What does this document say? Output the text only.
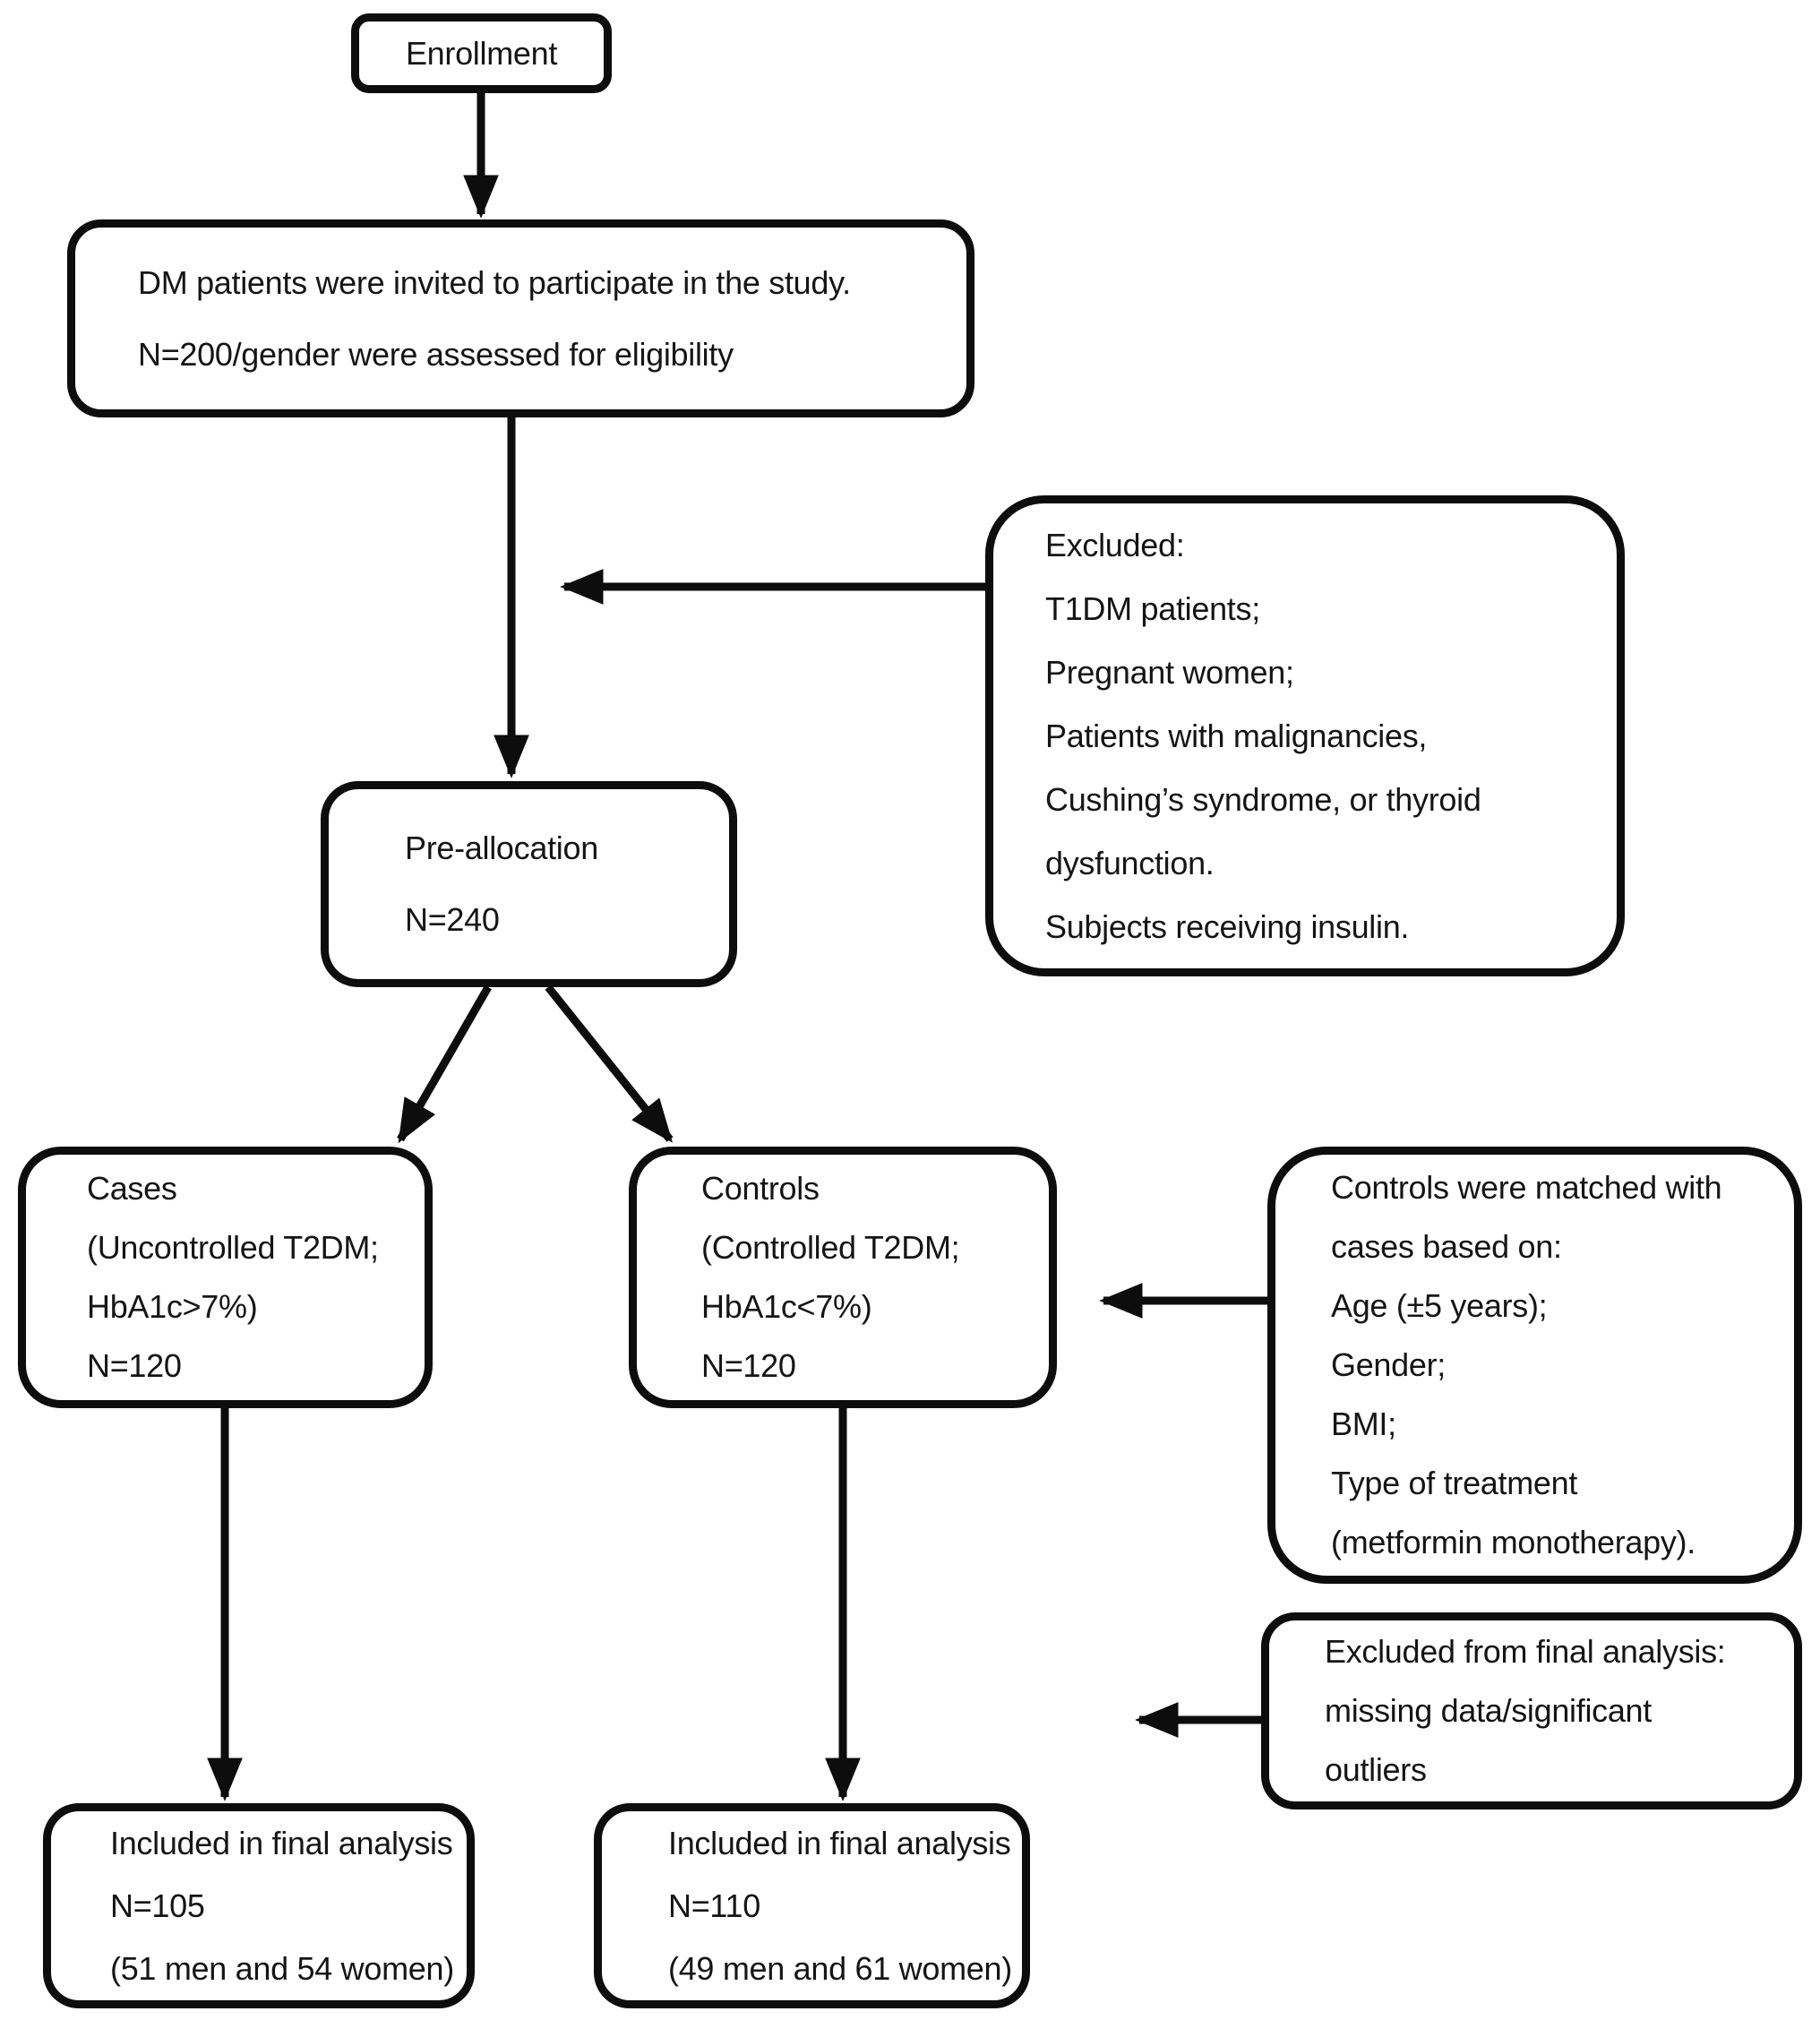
Enrollment
DM patients were invited to participate in the study.
N=200/gender were assessed for eligibility
Excluded:
T1DM patients;
Pregnant women;
Patients with malignancies,
Cushing’s syndrome, or thyroid
dysfunction.
Subjects receiving insulin.
Pre-allocation
N=240
Cases
(Uncontrolled T2DM;
HbA1c>7%)
N=120
Controls
(Controlled T2DM;
HbA1c<7%)
N=120
Controls were matched with
cases based on:
Age (±5 years);
Gender;
BMI;
Type of treatment
(metformin monotherapy).
Excluded from final analysis:
missing data/significant
outliers
Included in final analysis
N=105
(51 men and 54 women)
Included in final analysis
N=110
(49 men and 61 women)
